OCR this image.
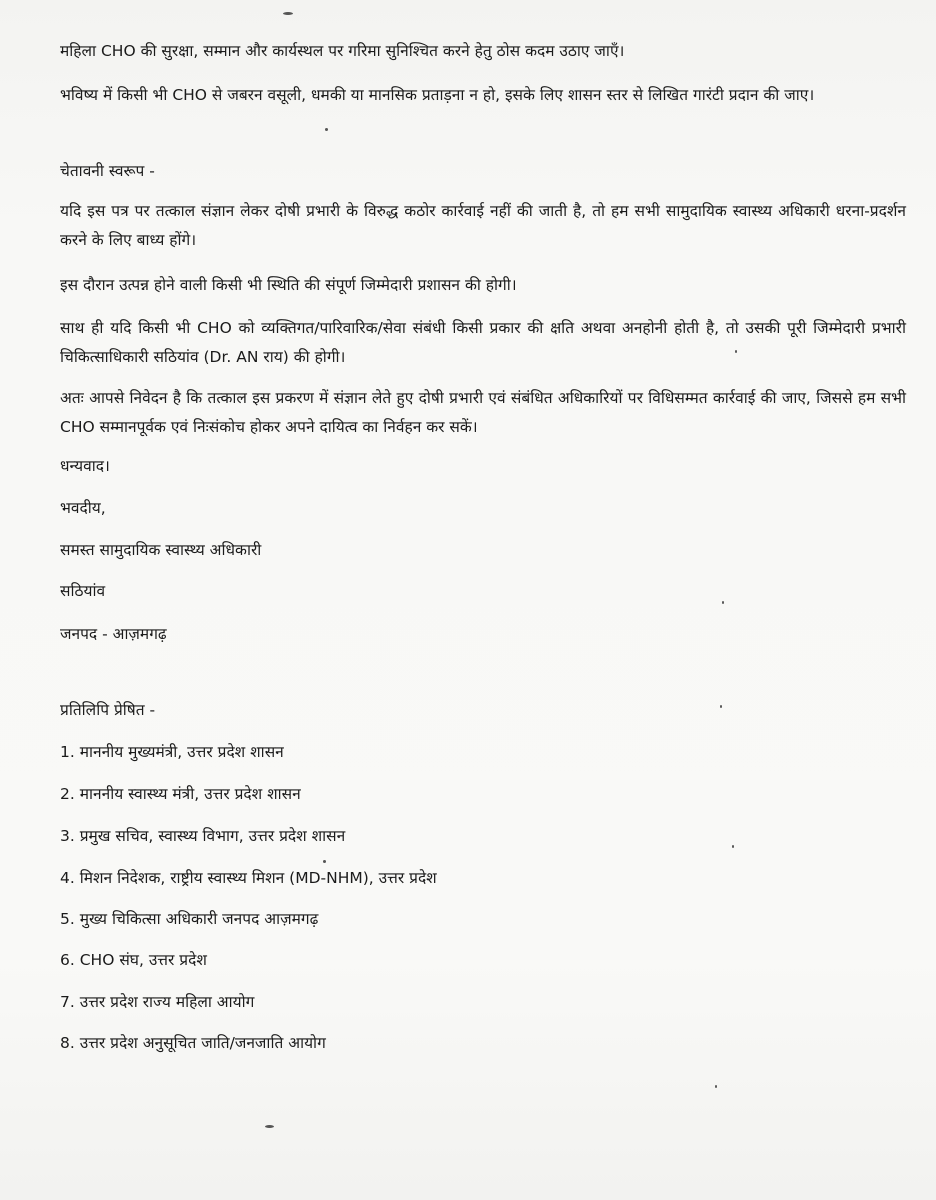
महिला CHO की सुरक्षा, सम्मान और कार्यस्थल पर गरिमा सुनिश्चित करने हेतु ठोस कदम उठाए जाएँ।
भविष्य में किसी भी CHO से जबरन वसूली, धमकी या मानसिक प्रताड़ना न हो, इसके लिए शासन स्तर से लिखित गारंटी प्रदान की जाए।
चेतावनी स्वरूप -
यदि इस पत्र पर तत्काल संज्ञान लेकर दोषी प्रभारी के विरुद्ध कठोर कार्रवाई नहीं की जाती है, तो हम सभी सामुदायिक स्वास्थ्य अधिकारी धरना-प्रदर्शन करने के लिए बाध्य होंगे।
इस दौरान उत्पन्न होने वाली किसी भी स्थिति की संपूर्ण जिम्मेदारी प्रशासन की होगी।
साथ ही यदि किसी भी CHO को व्यक्तिगत/पारिवारिक/सेवा संबंधी किसी प्रकार की क्षति अथवा अनहोनी होती है, तो उसकी पूरी जिम्मेदारी प्रभारी चिकित्साधिकारी सठियांव (Dr. AN राय) की होगी।
अतः आपसे निवेदन है कि तत्काल इस प्रकरण में संज्ञान लेते हुए दोषी प्रभारी एवं संबंधित अधिकारियों पर विधिसम्मत कार्रवाई की जाए, जिससे हम सभी CHO सम्मानपूर्वक एवं निःसंकोच होकर अपने दायित्व का निर्वहन कर सकें।
धन्यवाद।
भवदीय,
समस्त सामुदायिक स्वास्थ्य अधिकारी
सठियांव
जनपद - आज़मगढ़
प्रतिलिपि प्रेषित -
1. माननीय मुख्यमंत्री, उत्तर प्रदेश शासन
2. माननीय स्वास्थ्य मंत्री, उत्तर प्रदेश शासन
3. प्रमुख सचिव, स्वास्थ्य विभाग, उत्तर प्रदेश शासन
4. मिशन निदेशक, राष्ट्रीय स्वास्थ्य मिशन (MD-NHM), उत्तर प्रदेश
5. मुख्य चिकित्सा अधिकारी जनपद आज़मगढ़
6. CHO संघ, उत्तर प्रदेश
7. उत्तर प्रदेश राज्य महिला आयोग
8. उत्तर प्रदेश अनुसूचित जाति/जनजाति आयोग
